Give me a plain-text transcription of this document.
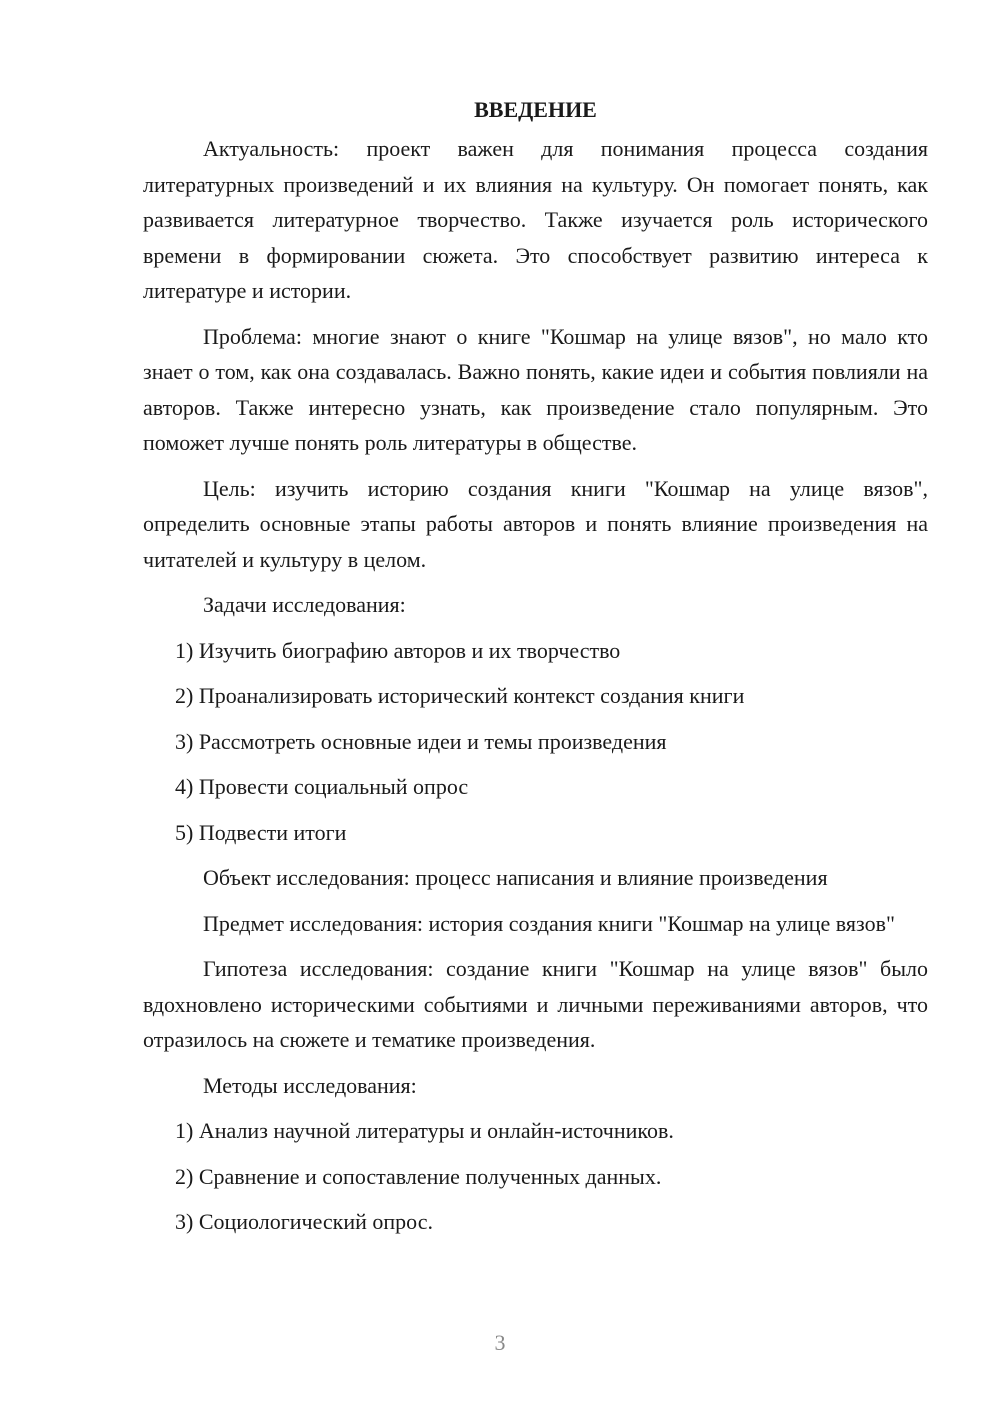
ВВЕДЕНИЕ

Актуальность: проект важен для понимания процесса создания литературных произведений и их влияния на культуру. Он помогает понять, как развивается литературное творчество. Также изучается роль исторического времени в формировании сюжета. Это способствует развитию интереса к литературе и истории.

Проблема: многие знают о книге "Кошмар на улице вязов", но мало кто знает о том, как она создавалась. Важно понять, какие идеи и события повлияли на авторов. Также интересно узнать, как произведение стало популярным. Это поможет лучше понять роль литературы в обществе.

Цель: изучить историю создания книги "Кошмар на улице вязов", определить основные этапы работы авторов и понять влияние произведения на читателей и культуру в целом.

Задачи исследования:

1) Изучить биографию авторов и их творчество
2) Проанализировать исторический контекст создания книги
3) Рассмотреть основные идеи и темы произведения
4) Провести социальный опрос
5) Подвести итоги

Объект исследования: процесс написания и влияние произведения

Предмет исследования: история создания книги "Кошмар на улице вязов"

Гипотеза исследования: создание книги "Кошмар на улице вязов" было вдохновлено историческими событиями и личными переживаниями авторов, что отразилось на сюжете и тематике произведения.

Методы исследования:

1) Анализ научной литературы и онлайн-источников.
2) Сравнение и сопоставление полученных данных.
3) Социологический опрос.
3
